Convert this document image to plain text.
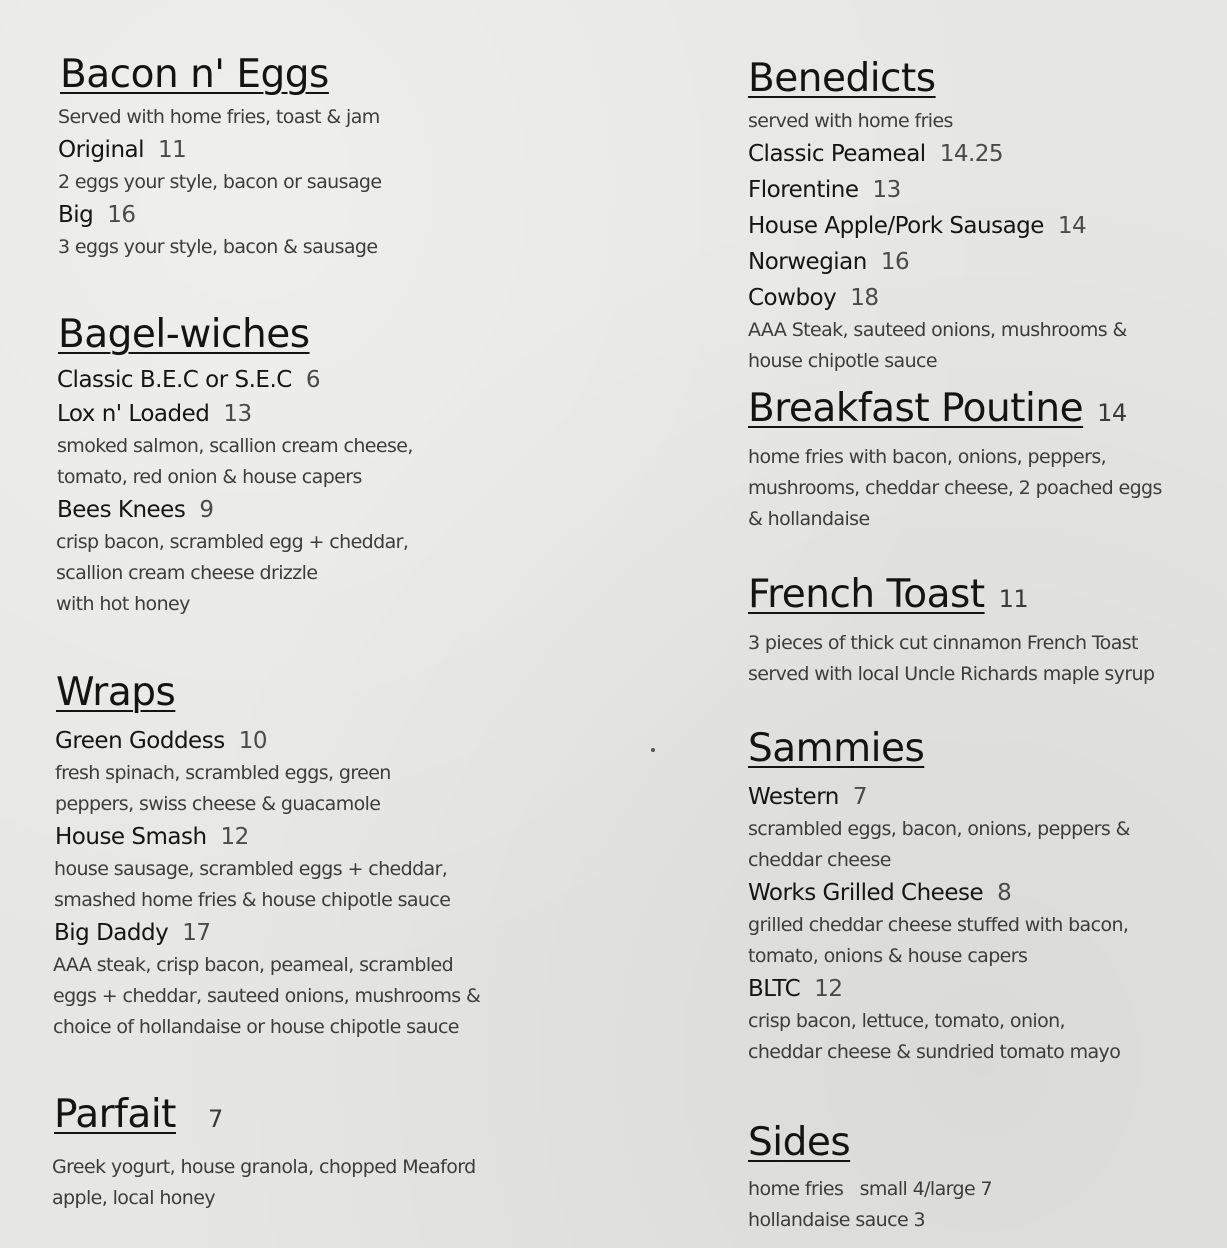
Bacon n' Eggs
Served with home fries, toast & jam
Original 11
2 eggs your style, bacon or sausage
Big 16
3 eggs your style, bacon & sausage
Bagel-wiches
Classic B.E.C or S.E.C 6
Lox n' Loaded 13
smoked salmon, scallion cream cheese,
tomato, red onion & house capers
Bees Knees 9
crisp bacon, scrambled egg + cheddar,
scallion cream cheese drizzle
with hot honey
Wraps
Green Goddess 10
fresh spinach, scrambled eggs, green
peppers, swiss cheese & guacamole
House Smash 12
house sausage, scrambled eggs + cheddar,
smashed home fries & house chipotle sauce
Big Daddy 17
AAA steak, crisp bacon, peameal, scrambled
eggs + cheddar, sauteed onions, mushrooms &
choice of hollandaise or house chipotle sauce
Parfait 7
Greek yogurt, house granola, chopped Meaford
apple, local honey
Benedicts
served with home fries
Classic Peameal 14.25
Florentine 13
House Apple/Pork Sausage 14
Norwegian 16
Cowboy 18
AAA Steak, sauteed onions, mushrooms &
house chipotle sauce
Breakfast Poutine 14
home fries with bacon, onions, peppers,
mushrooms, cheddar cheese, 2 poached eggs
& hollandaise
French Toast 11
3 pieces of thick cut cinnamon French Toast
served with local Uncle Richards maple syrup
Sammies
Western 7
scrambled eggs, bacon, onions, peppers &
cheddar cheese
Works Grilled Cheese 8
grilled cheddar cheese stuffed with bacon,
tomato, onions & house capers
BLTC 12
crisp bacon, lettuce, tomato, onion,
cheddar cheese & sundried tomato mayo
Sides
home fries   small 4/large 7
hollandaise sauce 3
